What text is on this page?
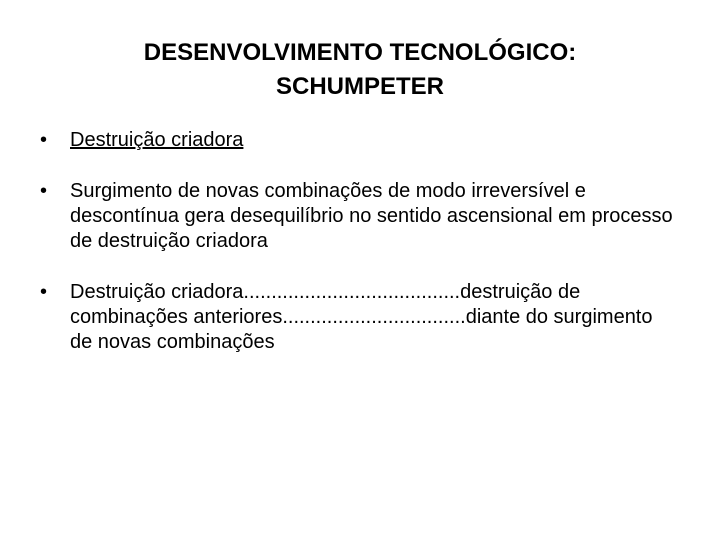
DESENVOLVIMENTO TECNOLÓGICO:
SCHUMPETER
•	Destruição criadora
•	Surgimento de novas combinações de modo irreversível e descontínua gera desequilíbrio no sentido ascensional em processo de destruição criadora
•	Destruição criadora.......................................destruição de combinações anteriores.................................diante do surgimento de novas combinações
